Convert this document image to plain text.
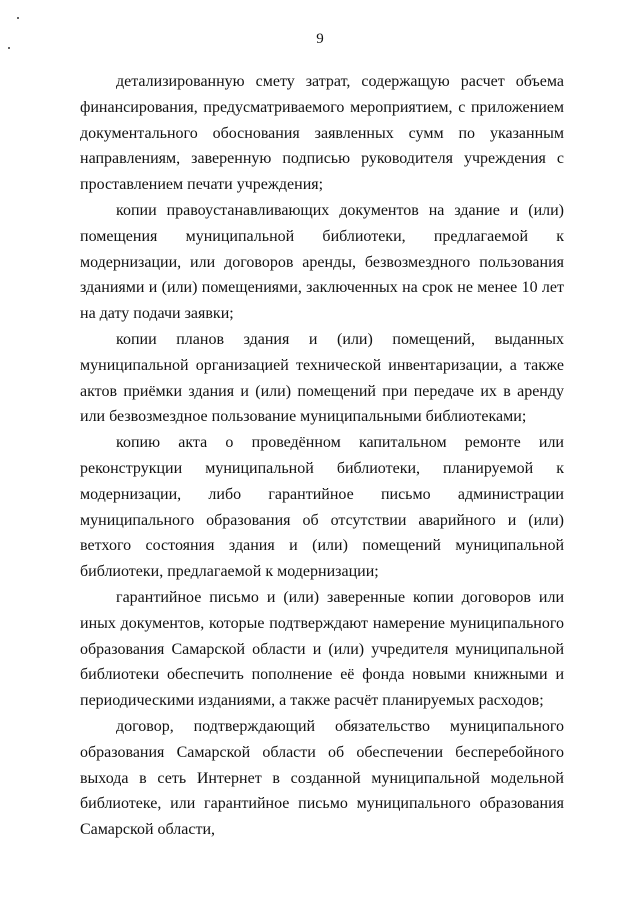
9

детализированную смету затрат, содержащую расчет объема финансирования, предусматриваемого мероприятием, с приложением документального обоснования заявленных сумм по указанным направлениям, заверенную подписью руководителя учреждения с проставлением печати учреждения;

копии правоустанавливающих документов на здание и (или) помещения муниципальной библиотеки, предлагаемой к модернизации, или договоров аренды, безвозмездного пользования зданиями и (или) помещениями, заключенных на срок не менее 10 лет на дату подачи заявки;

копии планов здания и (или) помещений, выданных муниципальной организацией технической инвентаризации, а также актов приёмки здания и (или) помещений при передаче их в аренду или безвозмездное пользование муниципальными библиотеками;

копию акта о проведённом капитальном ремонте или реконструкции муниципальной библиотеки, планируемой к модернизации, либо гарантийное письмо администрации муниципального образования об отсутствии аварийного и (или) ветхого состояния здания и (или) помещений муниципальной библиотеки, предлагаемой к модернизации;

гарантийное письмо и (или) заверенные копии договоров или иных документов, которые подтверждают намерение муниципального образования Самарской области и (или) учредителя муниципальной библиотеки обеспечить пополнение её фонда новыми книжными и периодическими изданиями, а также расчёт планируемых расходов;

договор, подтверждающий обязательство муниципального образования Самарской области об обеспечении бесперебойного выхода в сеть Интернет в созданной муниципальной модельной библиотеке, или гарантийное письмо муниципального образования Самарской области,
